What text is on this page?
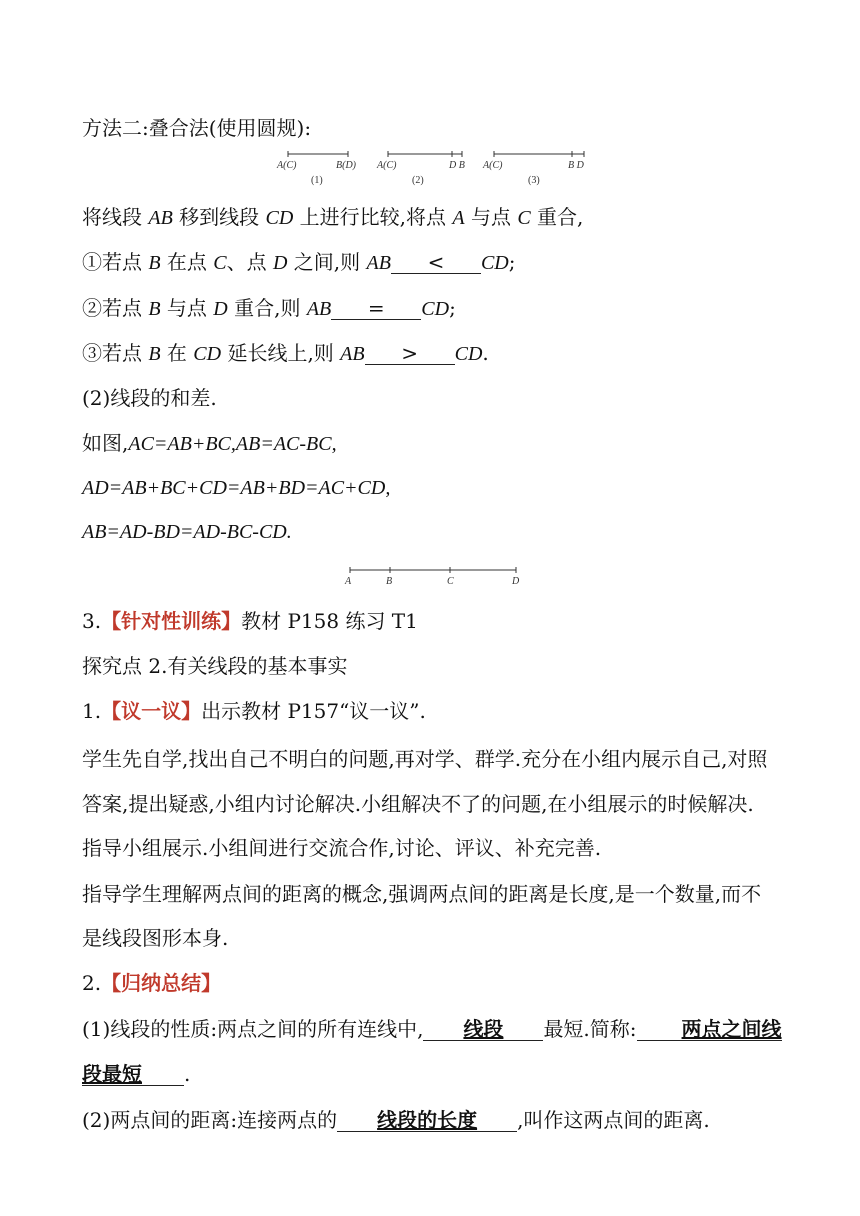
方法二:叠合法(使用圆规):
A(C)	B(D)
(1)
A(C)	D B
(2)
A(C)	B D
(3)
将线段 AB 移到线段 CD 上进行比较,将点 A 与点 C 重合,
①若点 B 在点 C、点 D 之间,则 AB < CD;
②若点 B 与点 D 重合,则 AB = CD;
③若点 B 在 CD 延长线上,则 AB > CD.
(2)线段的和差.
如图,AC=AB+BC,AB=AC-BC,
AD=AB+BC+CD=AB+BD=AC+CD,
AB=AD-BD=AD-BC-CD.
A	B	C	D
3.【针对性训练】教材 P158 练习 T1
探究点 2.有关线段的基本事实
1.【议一议】出示教材 P157“议一议”.
学生先自学,找出自己不明白的问题,再对学、群学.充分在小组内展示自己,对照
答案,提出疑惑,小组内讨论解决.小组解决不了的问题,在小组展示的时候解决.
指导小组展示.小组间进行交流合作,讨论、评议、补充完善.
指导学生理解两点间的距离的概念,强调两点间的距离是长度,是一个数量,而不
是线段图形本身.
2.【归纳总结】
(1)线段的性质:两点之间的所有连线中, 线段 最短.简称: 两点之间线
段最短 .
(2)两点间的距离:连接两点的 线段的长度 ,叫作这两点间的距离.
